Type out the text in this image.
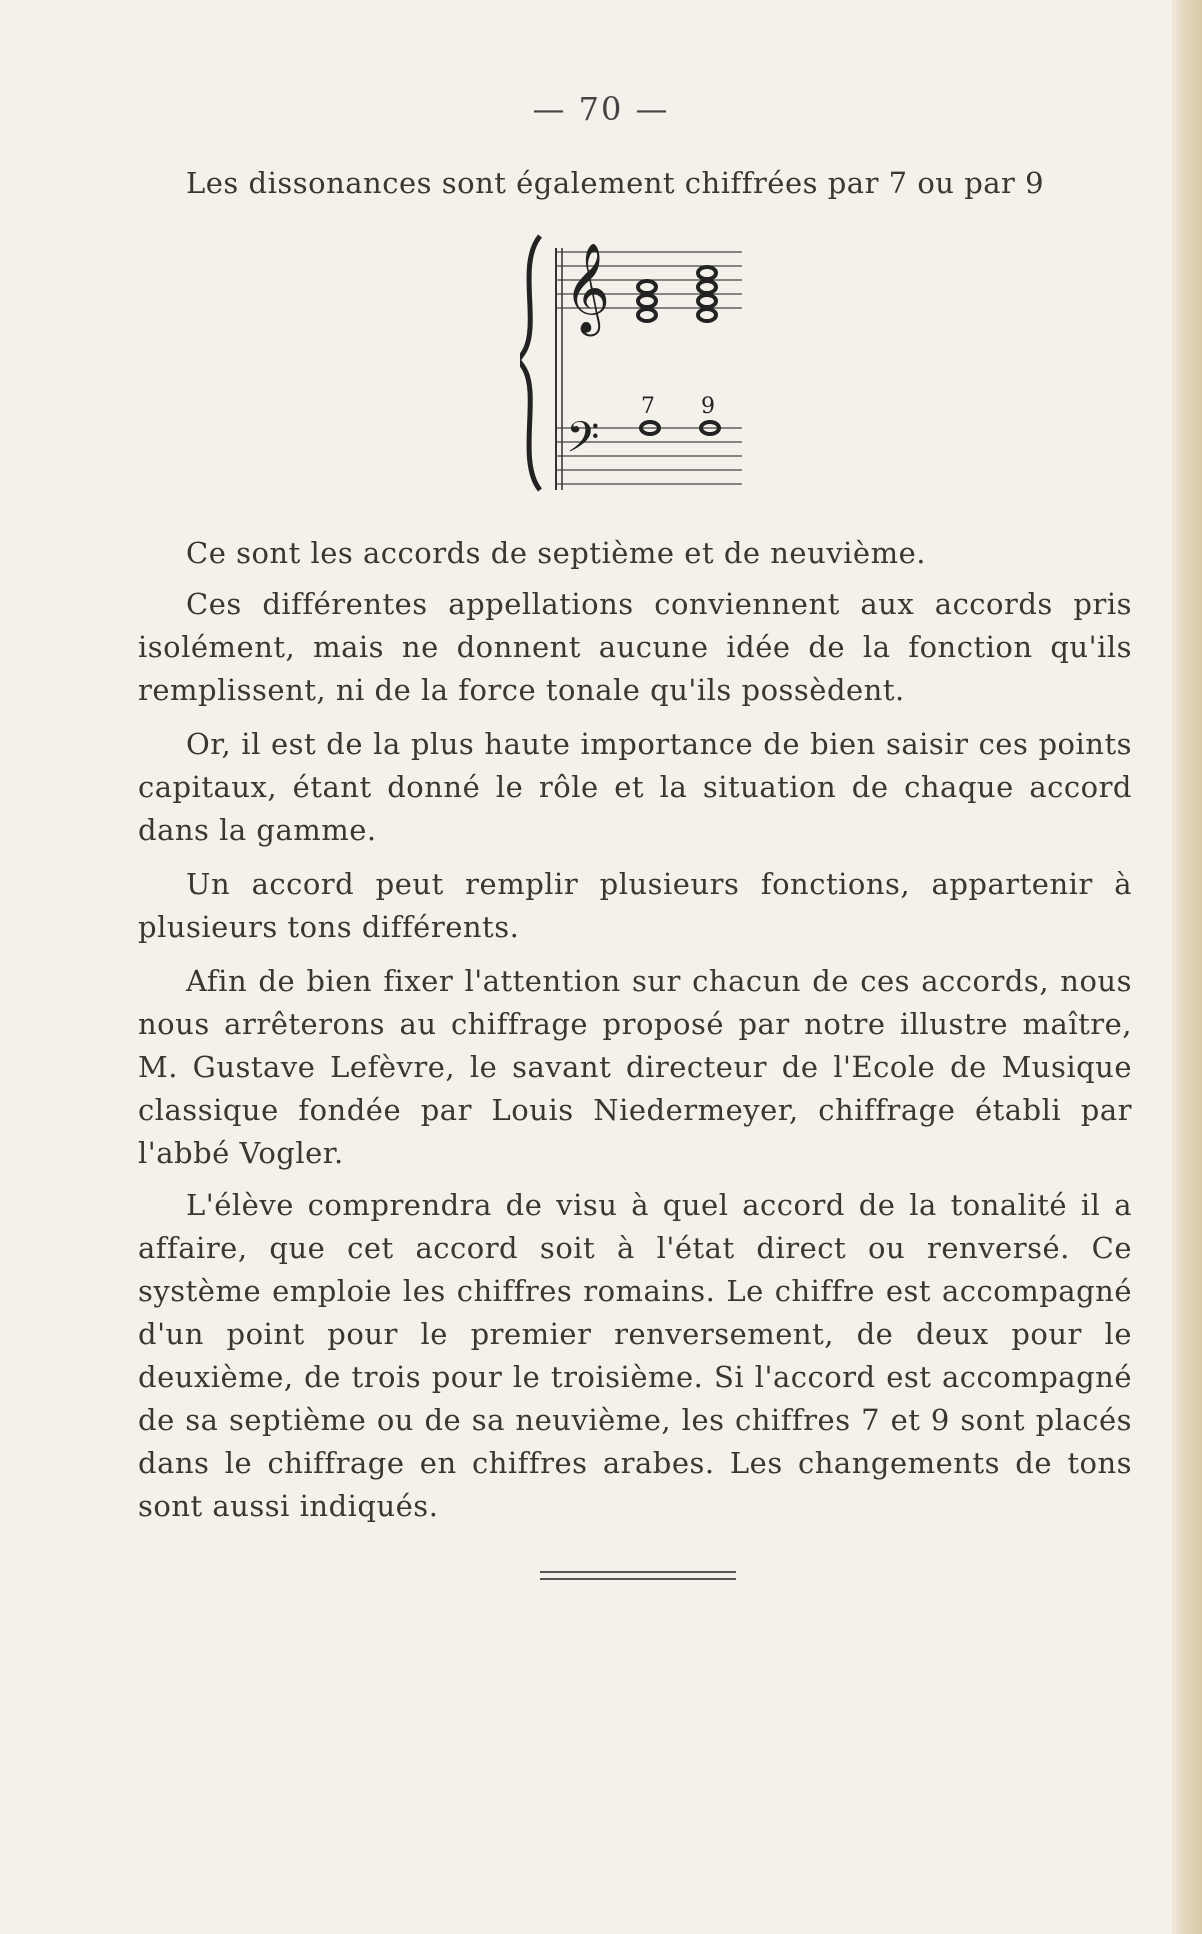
— 70 —

Les dissonances sont également chiffrées par 7 ou par 9

𝄞
𝄢
7 9

Ce sont les accords de septième et de neuvième.

Ces différentes appellations conviennent aux accords pris isolément, mais ne donnent aucune idée de la fonction qu'ils remplissent, ni de la force tonale qu'ils possèdent.

Or, il est de la plus haute importance de bien saisir ces points capitaux, étant donné le rôle et la situation de chaque accord dans la gamme.

Un accord peut remplir plusieurs fonctions, appartenir à plusieurs tons différents.

Afin de bien fixer l'attention sur chacun de ces accords, nous nous arrêterons au chiffrage proposé par notre illustre maître, M. Gustave Lefèvre, le savant directeur de l'Ecole de Musique classique fondée par Louis Niedermeyer, chiffrage établi par l'abbé Vogler.

L'élève comprendra de visu à quel accord de la tonalité il a affaire, que cet accord soit à l'état direct ou renversé. Ce système emploie les chiffres romains. Le chiffre est accompagné d'un point pour le premier renversement, de deux pour le deuxième, de trois pour le troisième. Si l'accord est accompagné de sa septième ou de sa neuvième, les chiffres 7 et 9 sont placés dans le chiffrage en chiffres arabes. Les changements de tons sont aussi indiqués.
